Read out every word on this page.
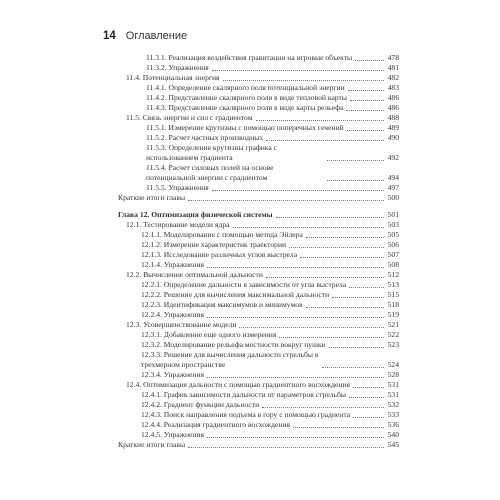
14 Оглавление
11.3.1. Реализация воздействия гравитации на игровые объекты	478
11.3.2. Упражнения	481
11.4. Потенциальная энергия	482
11.4.1. Определение скалярного поля потенциальной энергии	483
11.4.2. Представление скалярного поля в виде тепловой карты	486
11.4.3. Представление скалярного поля в виде карты рельефа	486
11.5. Связь энергии и сил с градиентом	488
11.5.1. Измерение крутизны с помощью поперечных сечений	489
11.5.2. Расчет частных производных	490
11.5.3. Определение крутизны графика с использованием градиента	492
11.5.4. Расчет силовых полей на основе потенциальной энергии с градиентом	494
11.5.5. Упражнения	497
Краткие итоги главы	500
Глава 12. Оптимизация физической системы	501
12.1. Тестирование модели ядра	503
12.1.1. Моделирование с помощью метода Эйлера	505
12.1.2. Измерение характеристик траектории	506
12.1.3. Исследование различных углов выстрела	507
12.1.4. Упражнения	508
12.2. Вычисление оптимальной дальности	512
12.2.1. Определение дальности в зависимости от угла выстрела	513
12.2.2. Решение для вычисления максимальной дальности	515
12.2.3. Идентификация максимумов и минимумов	518
12.2.4. Упражнения	519
12.3. Усовершенствование модели	521
12.3.1. Добавление еще одного измерения	522
12.3.2. Моделирование рельефа местности вокруг пушки	523
12.3.3. Решение для вычисления дальности стрельбы в трехмерном пространстве	524
12.3.4. Упражнения	528
12.4. Оптимизация дальности с помощью градиентного восхождения	531
12.4.1. График зависимости дальности от параметров стрельбы	531
12.4.2. Градиент функции дальности	532
12.4.3. Поиск направления подъема в гору с помощью градиента	533
12.4.4. Реализация градиентного восхождения	536
12.4.5. Упражнения	540
Краткие итоги главы	545
